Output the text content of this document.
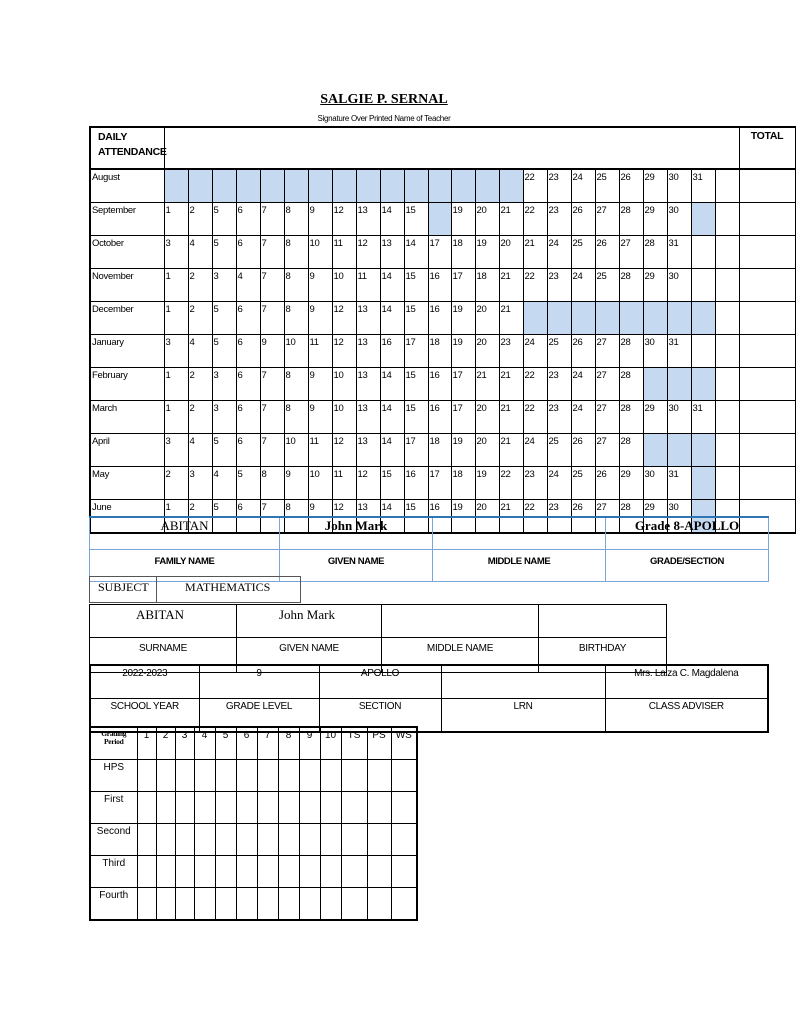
SALGIE P. SERNAL
Signature Over Printed Name of Teacher
DAILY ATTENDANCE																									TOTAL
August																22	23	24	25	26	29	30	31		
September	1	2	5	6	7	8	9	12	13	14	15		19	20	21	22	23	26	27	28	29	30			
October	3	4	5	6	7	8	10	11	12	13	14	17	18	19	20	21	24	25	26	27	28	31			
November	1	2	3	4	7	8	9	10	11	14	15	16	17	18	21	22	23	24	25	28	29	30			
December	1	2	5	6	7	8	9	12	13	14	15	16	19	20	21										
January	3	4	5	6	9	10	11	12	13	16	17	18	19	20	23	24	25	26	27	28	30	31			
February	1	2	3	6	7	8	9	10	13	14	15	16	17	21	21	22	23	24	27	28					
March	1	2	3	6	7	8	9	10	13	14	15	16	17	20	21	22	23	24	27	28	29	30	31		
April	3	4	5	6	7	10	11	12	13	14	17	18	19	20	21	24	25	26	27	28					
May	2	3	4	5	8	9	10	11	12	15	16	17	18	19	22	23	24	25	26	29	30	31			
June	1	2	5	6	7	8	9	12	13	14	15	16	19	20	21	22	23	26	27	28	29	30			
ABITAN	John Mark		Grade 8-APOLLO
FAMILY NAME	GIVEN NAME	MIDDLE NAME	GRADE/SECTION
SUBJECT	MATHEMATICS
ABITAN	John Mark		
SURNAME	GIVEN NAME	MIDDLE NAME	BIRTHDAY
2022-2023	9	APOLLO		Mrs. Laiza C. Magdalena
SCHOOL YEAR	GRADE LEVEL	SECTION	LRN	CLASS ADVISER
Grading Period	1	2	3	4	5	6	7	8	9	10	TS	PS	WS
HPS													
First													
Second													
Third													
Fourth													
